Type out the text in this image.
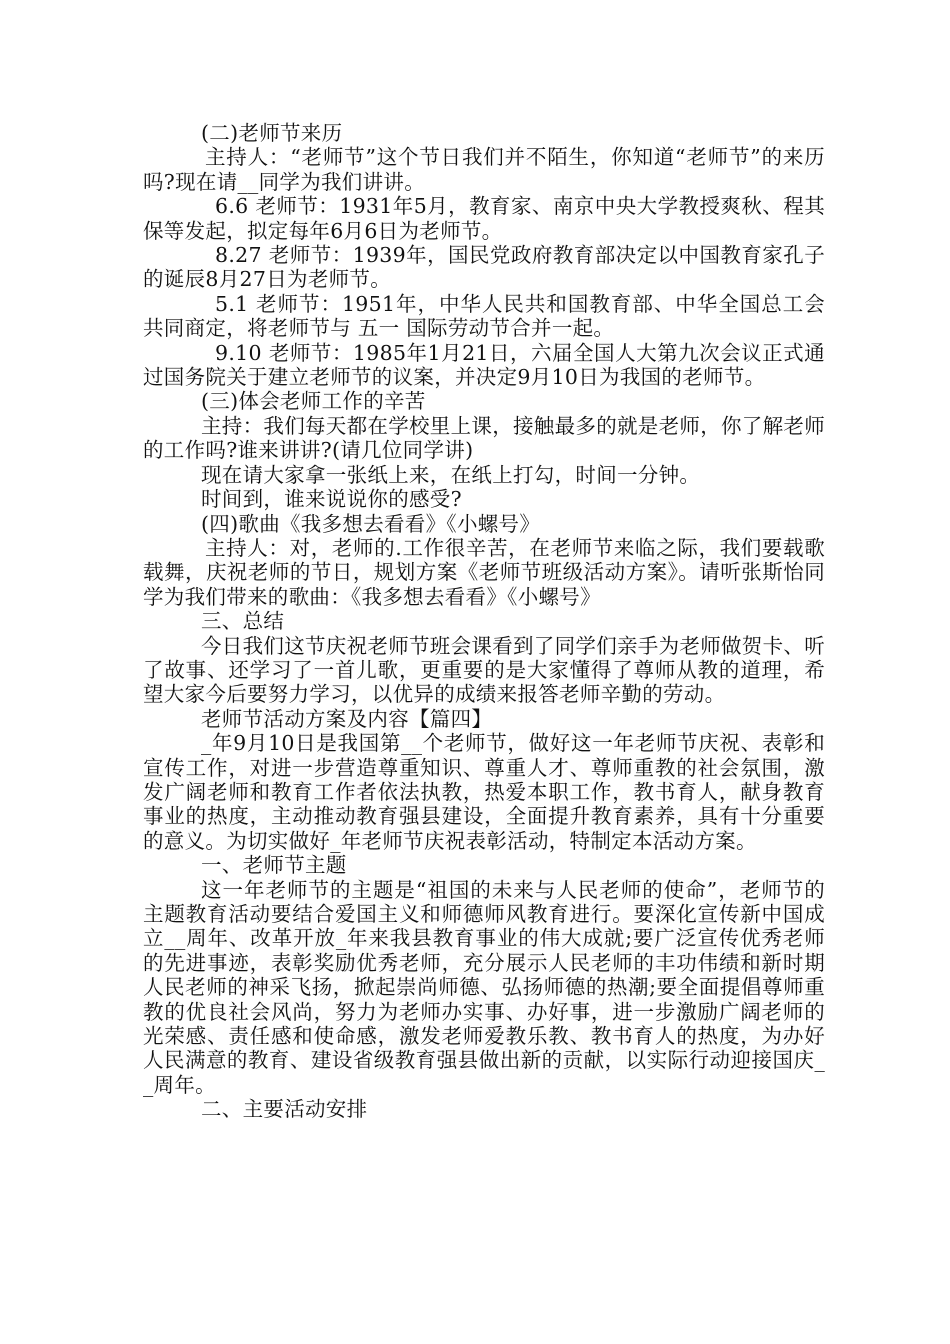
(二)老师节来历

主持人：“老师节”这个节日我们并不陌生，你知道“老师节”的来历吗?现在请__同学为我们讲讲。

6.6 老师节：1931年5月，教育家、南京中央大学教授爽秋、程其保等发起，拟定每年6月6日为老师节。

8.27 老师节：1939年，国民党政府教育部决定以中国教育家孔子的诞辰8月27日为老师节。

5.1 老师节：1951年，中华人民共和国教育部、中华全国总工会共同商定，将老师节与 五一 国际劳动节合并一起。

9.10 老师节：1985年1月21日，六届全国人大第九次会议正式通过国务院关于建立老师节的议案，并决定9月10日为我国的老师节。

(三)体会老师工作的辛苦

主持：我们每天都在学校里上课，接触最多的就是老师，你了解老师的工作吗?谁来讲讲?(请几位同学讲)

现在请大家拿一张纸上来，在纸上打勾，时间一分钟。

时间到，谁来说说你的感受?

(四)歌曲《我多想去看看》《小螺号》

主持人：对，老师的.工作很辛苦，在老师节来临之际，我们要载歌载舞，庆祝老师的节日，规划方案《老师节班级活动方案》。请听张斯怡同学为我们带来的歌曲：《我多想去看看》《小螺号》

三、总结

今日我们这节庆祝老师节班会课看到了同学们亲手为老师做贺卡、听了故事、还学习了一首儿歌，更重要的是大家懂得了尊师从教的道理，希望大家今后要努力学习，以优异的成绩来报答老师辛勤的劳动。

老师节活动方案及内容【篇四】

_年9月10日是我国第__个老师节，做好这一年老师节庆祝、表彰和宣传工作，对进一步营造尊重知识、尊重人才、尊师重教的社会氛围，激发广阔老师和教育工作者依法执教，热爱本职工作，教书育人，献身教育事业的热度，主动推动教育强县建设，全面提升教育素养，具有十分重要的意义。为切实做好_年老师节庆祝表彰活动，特制定本活动方案。

一、老师节主题

这一年老师节的主题是“祖国的未来与人民老师的使命”，老师节的主题教育活动要结合爱国主义和师德师风教育进行。要深化宣传新中国成立__周年、改革开放_年来我县教育事业的伟大成就;要广泛宣传优秀老师的先进事迹，表彰奖励优秀老师，充分展示人民老师的丰功伟绩和新时期人民老师的神采飞扬，掀起崇尚师德、弘扬师德的热潮;要全面提倡尊师重教的优良社会风尚，努力为老师办实事、办好事，进一步激励广阔老师的光荣感、责任感和使命感，激发老师爱教乐教、教书育人的热度，为办好人民满意的教育、建设省级教育强县做出新的贡献，以实际行动迎接国庆__周年。

二、主要活动安排
